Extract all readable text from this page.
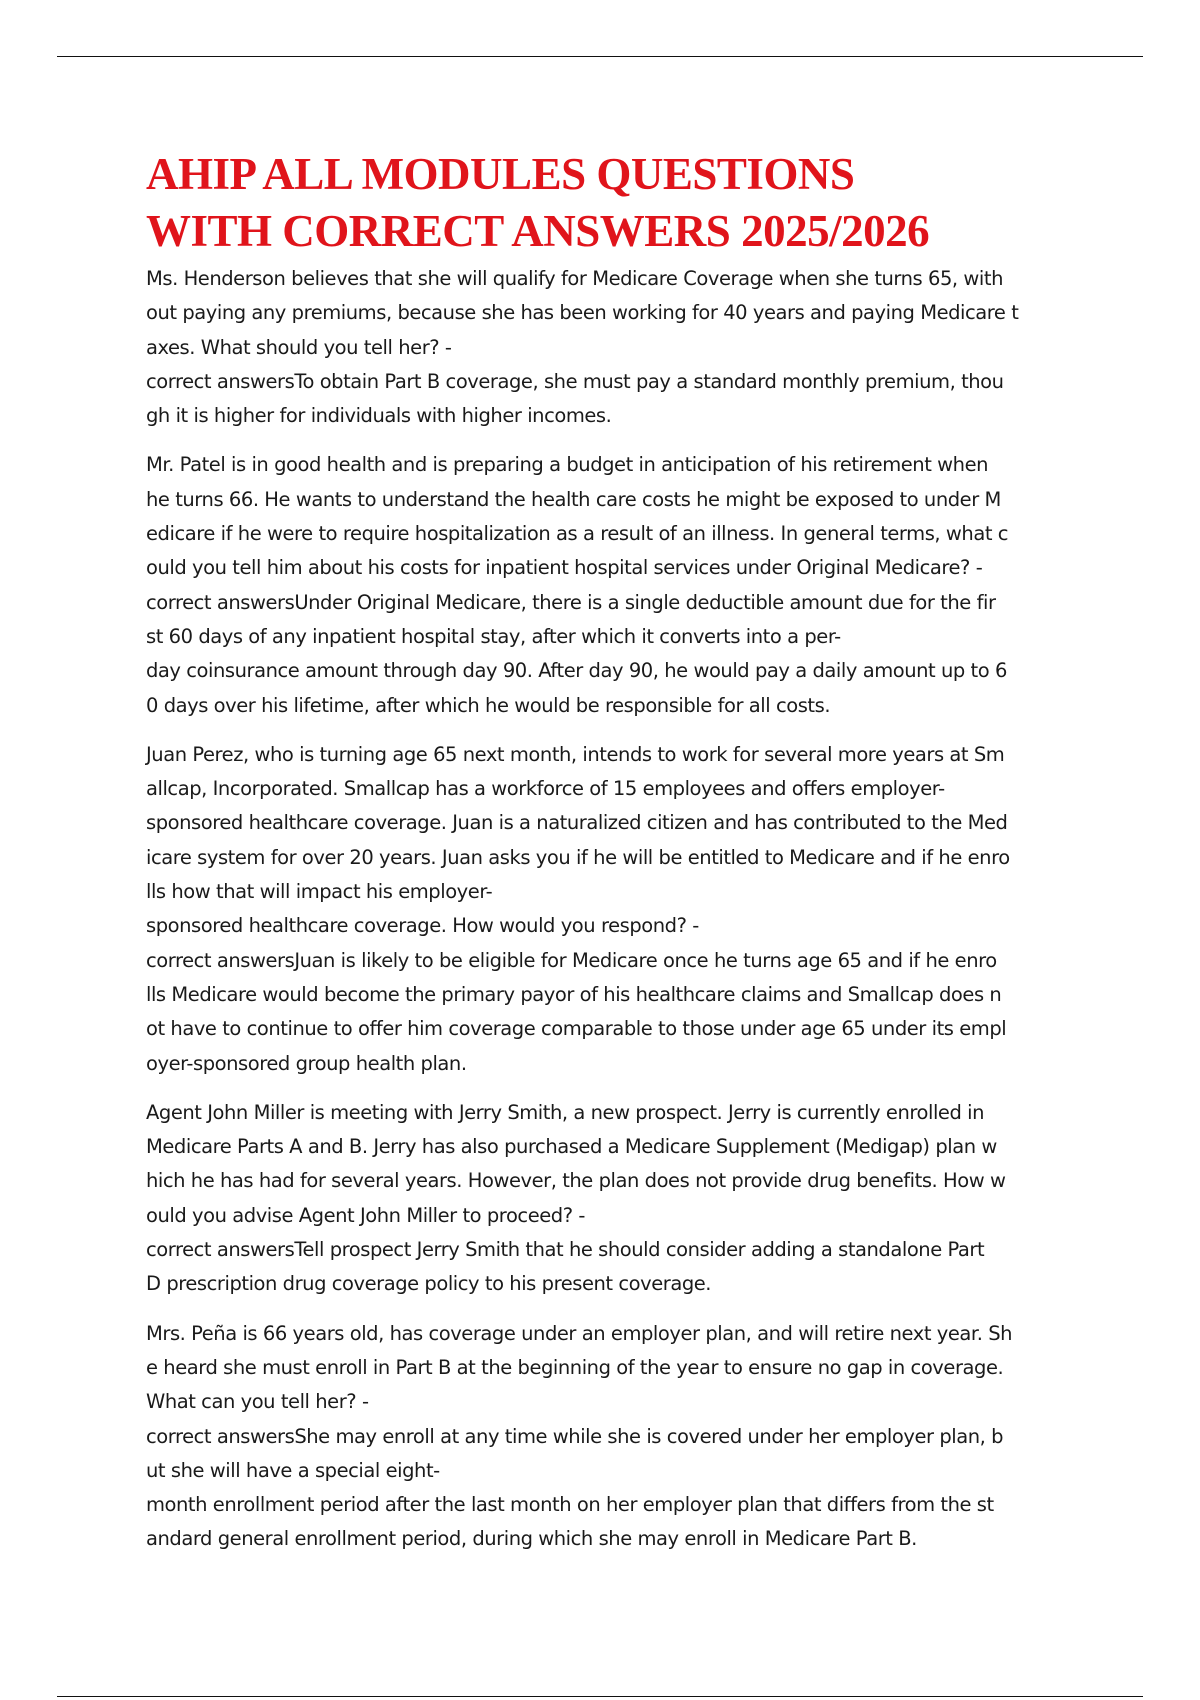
AHIP ALL MODULES QUESTIONS
WITH CORRECT ANSWERS 2025/2026
Ms. Henderson believes that she will qualify for Medicare Coverage when she turns 65, with
out paying any premiums, because she has been working for 40 years and paying Medicare t
axes. What should you tell her? -
correct answersTo obtain Part B coverage, she must pay a standard monthly premium, thou
gh it is higher for individuals with higher incomes.
Mr. Patel is in good health and is preparing a budget in anticipation of his retirement when
he turns 66. He wants to understand the health care costs he might be exposed to under M
edicare if he were to require hospitalization as a result of an illness. In general terms, what c
ould you tell him about his costs for inpatient hospital services under Original Medicare? -
correct answersUnder Original Medicare, there is a single deductible amount due for the fir
st 60 days of any inpatient hospital stay, after which it converts into a per-
day coinsurance amount through day 90. After day 90, he would pay a daily amount up to 6
0 days over his lifetime, after which he would be responsible for all costs.
Juan Perez, who is turning age 65 next month, intends to work for several more years at Sm
allcap, Incorporated. Smallcap has a workforce of 15 employees and offers employer-
sponsored healthcare coverage. Juan is a naturalized citizen and has contributed to the Med
icare system for over 20 years. Juan asks you if he will be entitled to Medicare and if he enro
lls how that will impact his employer-
sponsored healthcare coverage. How would you respond? -
correct answersJuan is likely to be eligible for Medicare once he turns age 65 and if he enro
lls Medicare would become the primary payor of his healthcare claims and Smallcap does n
ot have to continue to offer him coverage comparable to those under age 65 under its empl
oyer-sponsored group health plan.
Agent John Miller is meeting with Jerry Smith, a new prospect. Jerry is currently enrolled in
Medicare Parts A and B. Jerry has also purchased a Medicare Supplement (Medigap) plan w
hich he has had for several years. However, the plan does not provide drug benefits. How w
ould you advise Agent John Miller to proceed? -
correct answersTell prospect Jerry Smith that he should consider adding a standalone Part
D prescription drug coverage policy to his present coverage.
Mrs. Peña is 66 years old, has coverage under an employer plan, and will retire next year. Sh
e heard she must enroll in Part B at the beginning of the year to ensure no gap in coverage.
What can you tell her? -
correct answersShe may enroll at any time while she is covered under her employer plan, b
ut she will have a special eight-
month enrollment period after the last month on her employer plan that differs from the st
andard general enrollment period, during which she may enroll in Medicare Part B.
